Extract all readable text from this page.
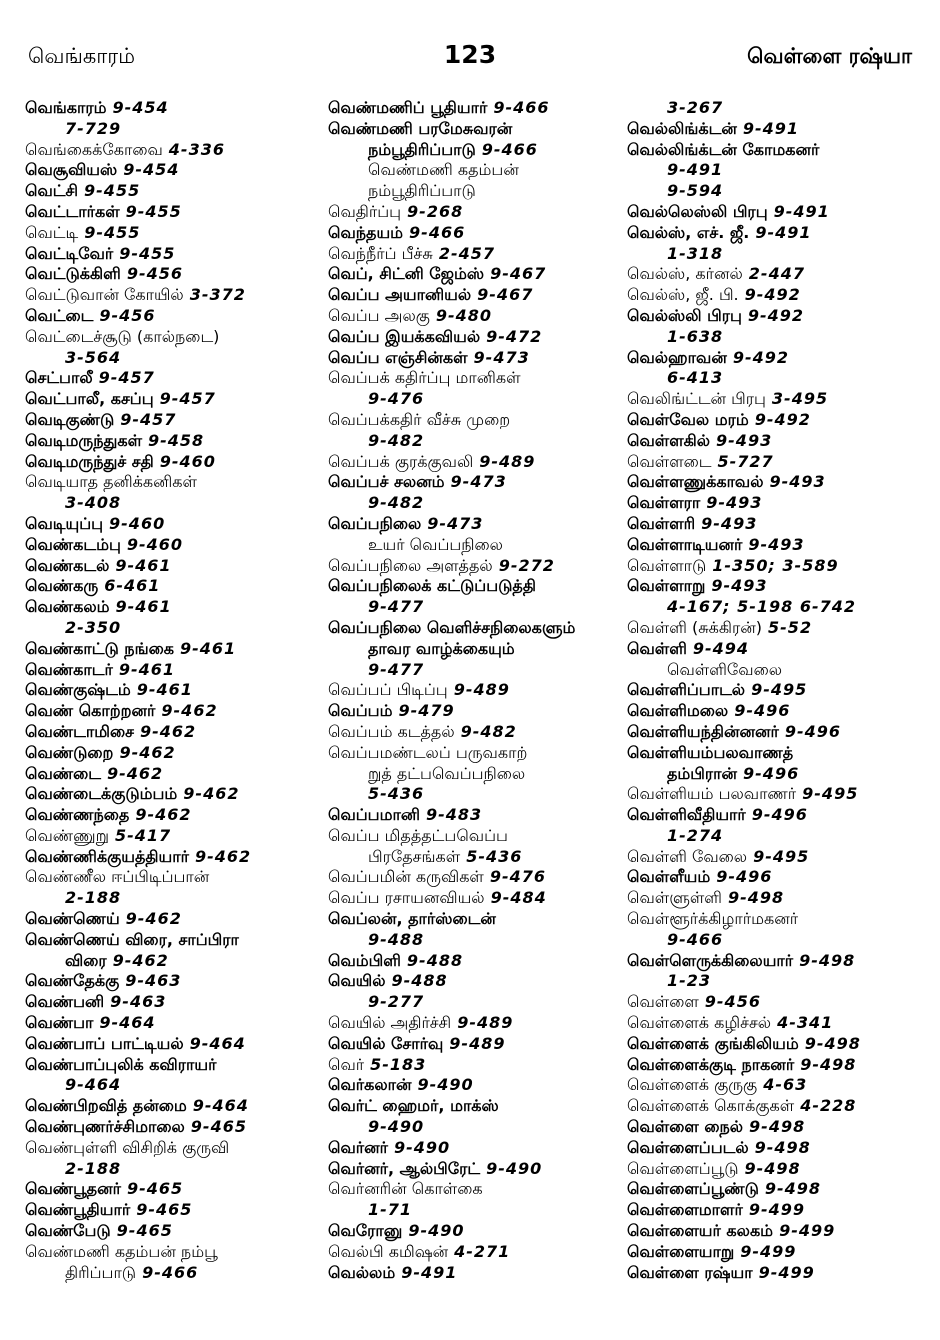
வெங்காரம்	123	வெள்ளை ரஷ்யா
வெங்காரம் 9-454
7-729
வெங்கைக்கோவை 4-336
வெசூவியஸ் 9-454
வெட்சி 9-455
வெட்டார்கள் 9-455
வெட்டி 9-455
வெட்டிவேர் 9-455
வெட்டுக்கிளி 9-456
வெட்டுவான் கோயில் 3-372
வெட்டை 9-456
வெட்டைச்சூடு (கால்நடை)
3-564
செட்பாலீ 9-457
வெட்பாலீ, கசப்பு 9-457
வெடிகுண்டு 9-457
வெடிமருந்துகள் 9-458
வெடிமருந்துச் சதி 9-460
வெடியாத தனிக்கனிகள்
3-408
வெடியுப்பு 9-460
வெண்கடம்பு 9-460
வெண்கடல் 9-461
வெண்கரு 6-461
வெண்கலம் 9-461
2-350
வெண்காட்டு நங்கை 9-461
வெண்காடர் 9-461
வெண்குஷ்டம் 9-461
வெண் கொற்றனர் 9-462
வெண்டாமிசை 9-462
வெண்டுறை 9-462
வெண்டை 9-462
வெண்டைக்குடும்பம் 9-462
வெண்ணந்தை 9-462
வெண்ணுறு 5-417
வெண்ணிக்குயத்தியார் 9-462
வெண்ணீல ஈப்பிடிப்பான்
2-188
வெண்ணெய் 9-462
வெண்ணெய் விரை, சாப்பிரா
விரை 9-462
வெண்தேக்கு 9-463
வெண்பனி 9-463
வெண்பா 9-464
வெண்பாப் பாட்டியல் 9-464
வெண்பாப்புலிக் கவிராயர்
9-464
வெண்பிறவித் தன்மை 9-464
வெண்புணர்ச்சிமாலை 9-465
வெண்புள்ளி விசிறிக் குருவி
2-188
வெண்பூதனர் 9-465
வெண்பூதியார் 9-465
வெண்பேடு 9-465
வெண்மணி கதம்பன் நம்பூ
திரிப்பாடு 9-466
வெண்மணிப் பூதியார் 9-466
வெண்மணி பரமேசுவரன்
நம்பூதிரிப்பாடு 9-466
வெண்மணி கதம்பன்
நம்பூதிரிப்பாடு
வெதிர்ப்பு 9-268
வெந்தயம் 9-466
வெந்நீர்ப் பீச்சு 2-457
வெப், சிட்னி ஜேம்ஸ் 9-467
வெப்ப அயானியல் 9-467
வெப்ப அலகு 9-480
வெப்ப இயக்கவியல் 9-472
வெப்ப எஞ்சின்கள் 9-473
வெப்பக் கதிர்ப்பு மானிகள்
9-476
வெப்பக்கதிர் வீச்சு முறை
9-482
வெப்பக் குரக்குவலி 9-489
வெப்பச் சலனம் 9-473
9-482
வெப்பநிலை 9-473
உயர் வெப்பநிலை
வெப்பநிலை அளத்தல் 9-272
வெப்பநிலைக் கட்டுப்படுத்தி
9-477
வெப்பநிலை வெளிச்சநிலைகளும்
தாவர வாழ்க்கையும்
9-477
வெப்பப் பிடிப்பு 9-489
வெப்பம் 9-479
வெப்பம் கடத்தல் 9-482
வெப்பமண்டலப் பருவகாற்
றுத் தட்பவெப்பநிலை
5-436
வெப்பமானி 9-483
வெப்ப மிதத்தட்பவெப்ப
பிரதேசங்கள் 5-436
வெப்பமின் கருவிகள் 9-476
வெப்ப ரசாயனவியல் 9-484
வெப்லன், தார்ஸ்டைன்
9-488
வெம்பிளி 9-488
வெயில் 9-488
9-277
வெயில் அதிர்ச்சி 9-489
வெயில் சோர்வு 9-489
வெர் 5-183
வெர்கலான் 9-490
வெர்ட் ஹைமர், மாக்ஸ்
9-490
வெர்னர் 9-490
வெர்னர், ஆல்பிரேட் 9-490
வெர்னரின் கொள்கை
1-71
வெரோனு 9-490
வெல்பி கமிஷன் 4-271
வெல்லம் 9-491
3-267
வெல்லிங்க்டன் 9-491
வெல்லிங்க்டன் கோமகனர்
9-491
9-594
வெல்லெஸ்லி பிரபு 9-491
வெல்ஸ், எச். ஜீ. 9-491
1-318
வெல்ஸ், கர்னல் 2-447
வெல்ஸ், ஜீ. பி. 9-492
வெல்ஸ்லி பிரபு 9-492
1-638
வெல்ஹாவன் 9-492
6-413
வெலிங்ட்டன் பிரபு 3-495
வெள்வேல மரம் 9-492
வெள்ளகில் 9-493
வெள்ளடை 5-727
வெள்ளணுக்காவல் 9-493
வெள்ளரா 9-493
வெள்ளரி 9-493
வெள்ளாடியனர் 9-493
வெள்ளாடு 1-350; 3-589
வெள்ளாறு 9-493
4-167; 5-198 6-742
வெள்ளி (சுக்கிரன்) 5-52
வெள்ளி 9-494
வெள்ளிவேலை
வெள்ளிப்பாடல் 9-495
வெள்ளிமலை 9-496
வெள்ளியந்தின்னனர் 9-496
வெள்ளியம்பலவாணத்
தம்பிரான் 9-496
வெள்ளியம் பலவாணர் 9-495
வெள்ளிவீதியார் 9-496
1-274
வெள்ளி வேலை 9-495
வெள்ளீயம் 9-496
வெள்ளுள்ளி 9-498
வெள்ளூர்க்கிழார்மகனர்
9-466
வெள்ளெருக்கிலையார் 9-498
1-23
வெள்ளை 9-456
வெள்ளைக் கழிச்சல் 4-341
வெள்ளைக் குங்கிலியம் 9-498
வெள்ளைக்குடி நாகனர் 9-498
வெள்ளைக் குருகு 4-63
வெள்ளைக் கொக்குகள் 4-228
வெள்ளை நைல் 9-498
வெள்ளைப்படல் 9-498
வெள்ளைப்பூடு 9-498
வெள்ளைப்பூண்டு 9-498
வெள்ளைமாளர் 9-499
வெள்ளையர் கலகம் 9-499
வெள்ளையாறு 9-499
வெள்ளை ரஷ்யா 9-499
